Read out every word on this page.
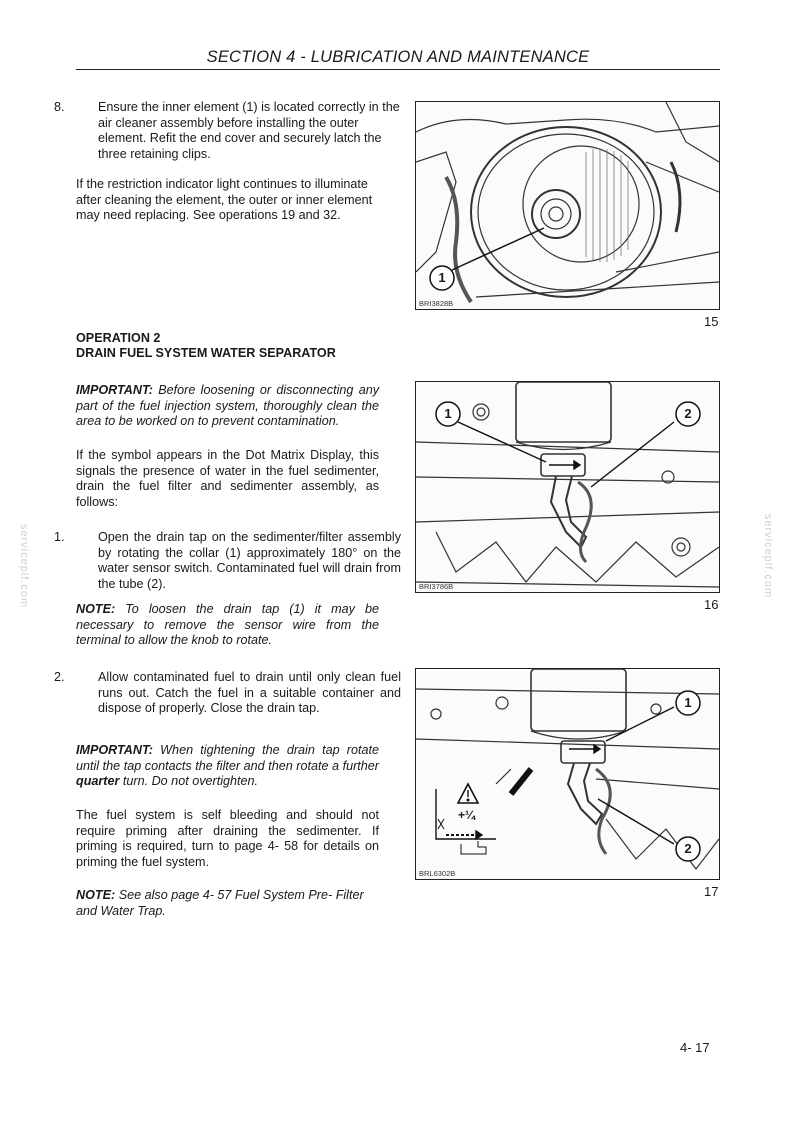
SECTION 4 - LUBRICATION AND MAINTENANCE
serviceplf.com	serviceplf.com
8.	Ensure the inner element (1) is located correctly in the air cleaner assembly before installing the outer element. Refit the end cover and securely latch the three retaining clips.
If the restriction indicator light continues to illuminate after cleaning the element, the outer or inner element may need replacing. See operations 19 and 32.
OPERATION 2
DRAIN FUEL SYSTEM WATER SEPARATOR
IMPORTANT: Before loosening or disconnecting any part of the fuel injection system, thoroughly clean the area to be worked on to prevent contamination.
If the symbol appears in the Dot Matrix Display, this signals the presence of water in the fuel sedimenter, drain the fuel filter and sedimenter assembly, as follows:
1.	Open the drain tap on the sedimenter/filter assembly by rotating the collar (1) approximately 180° on the water sensor switch. Contaminated fuel will drain from the tube (2).
NOTE: To loosen the drain tap (1) it may be necessary to remove the sensor wire from the terminal to allow the knob to rotate.
2.	Allow contaminated fuel to drain until only clean fuel runs out. Catch the fuel in a suitable container and dispose of properly. Close the drain tap.
IMPORTANT: When tightening the drain tap rotate until the tap contacts the filter and then rotate a further quarter turn. Do not overtighten.
The fuel system is self bleeding and should not require priming after draining the sedimenter. If priming is required, turn to page 4- 58 for details on priming the fuel system.
NOTE: See also page 4- 57 Fuel System Pre- Filter and Water Trap.
1
BRI3828B
15
1	2
BRI3786B
16
+¼
1
2
BRL6302B
17
4- 17
